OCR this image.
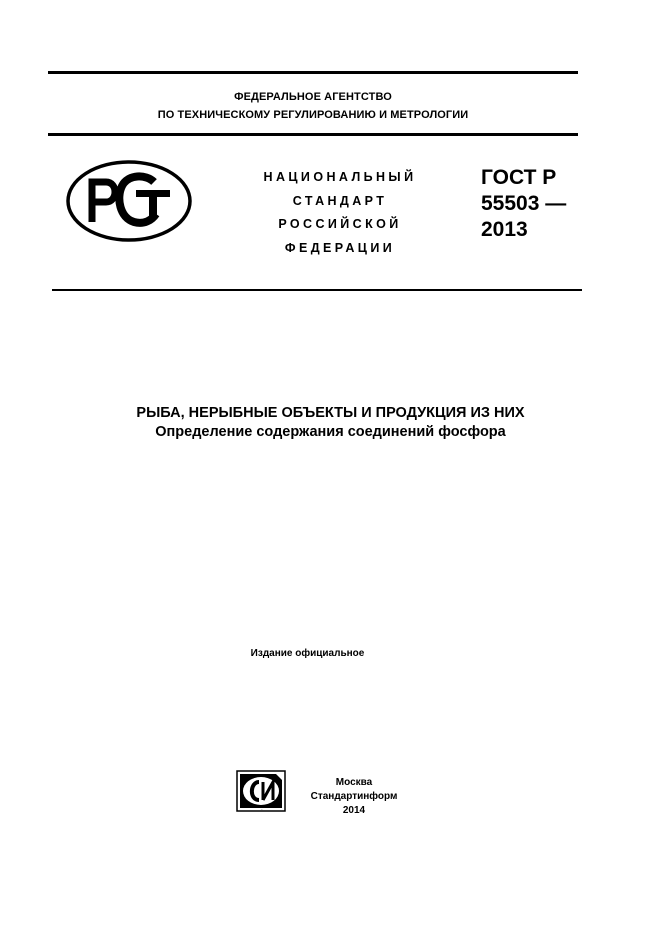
ФЕДЕРАЛЬНОЕ АГЕНТСТВО
ПО ТЕХНИЧЕСКОМУ РЕГУЛИРОВАНИЮ И МЕТРОЛОГИИ
РСТ
НАЦИОНАЛЬНЫЙ
СТАНДАРТ
РОССИЙСКОЙ
ФЕДЕРАЦИИ
ГОСТ Р
55503 —
2013
РЫБА, НЕРЫБНЫЕ ОБЪЕКТЫ И ПРОДУКЦИЯ ИЗ НИХ
Определение содержания соединений фосфора
Издание официальное
СИ
Москва
Стандартинформ
2014
